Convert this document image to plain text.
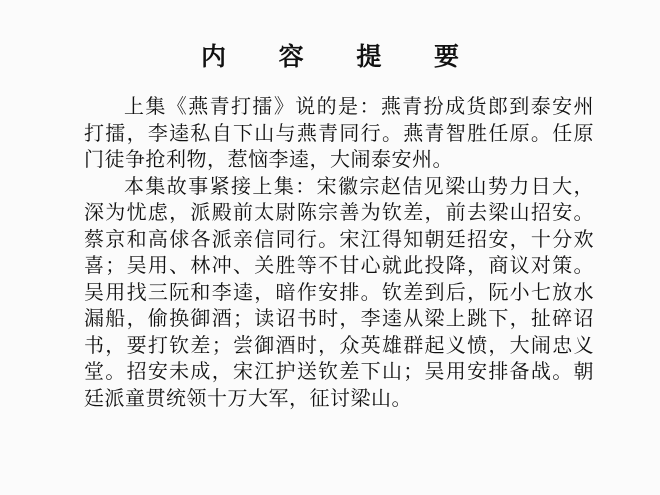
内 容 提 要

上集《燕青打擂》说的是：燕青扮成货郎到泰安州打擂，李逵私自下山与燕青同行。燕青智胜任原。任原门徒争抢利物，惹恼李逵，大闹泰安州。

本集故事紧接上集：宋徽宗赵佶见梁山势力日大，深为忧虑，派殿前太尉陈宗善为钦差，前去梁山招安。蔡京和高俅各派亲信同行。宋江得知朝廷招安，十分欢喜；吴用、林冲、关胜等不甘心就此投降，商议对策。吴用找三阮和李逵，暗作安排。钦差到后，阮小七放水漏船，偷换御酒；读诏书时，李逵从梁上跳下，扯碎诏书，要打钦差；尝御酒时，众英雄群起义愤，大闹忠义堂。招安未成，宋江护送钦差下山；吴用安排备战。朝廷派童贯统领十万大军，征讨梁山。
